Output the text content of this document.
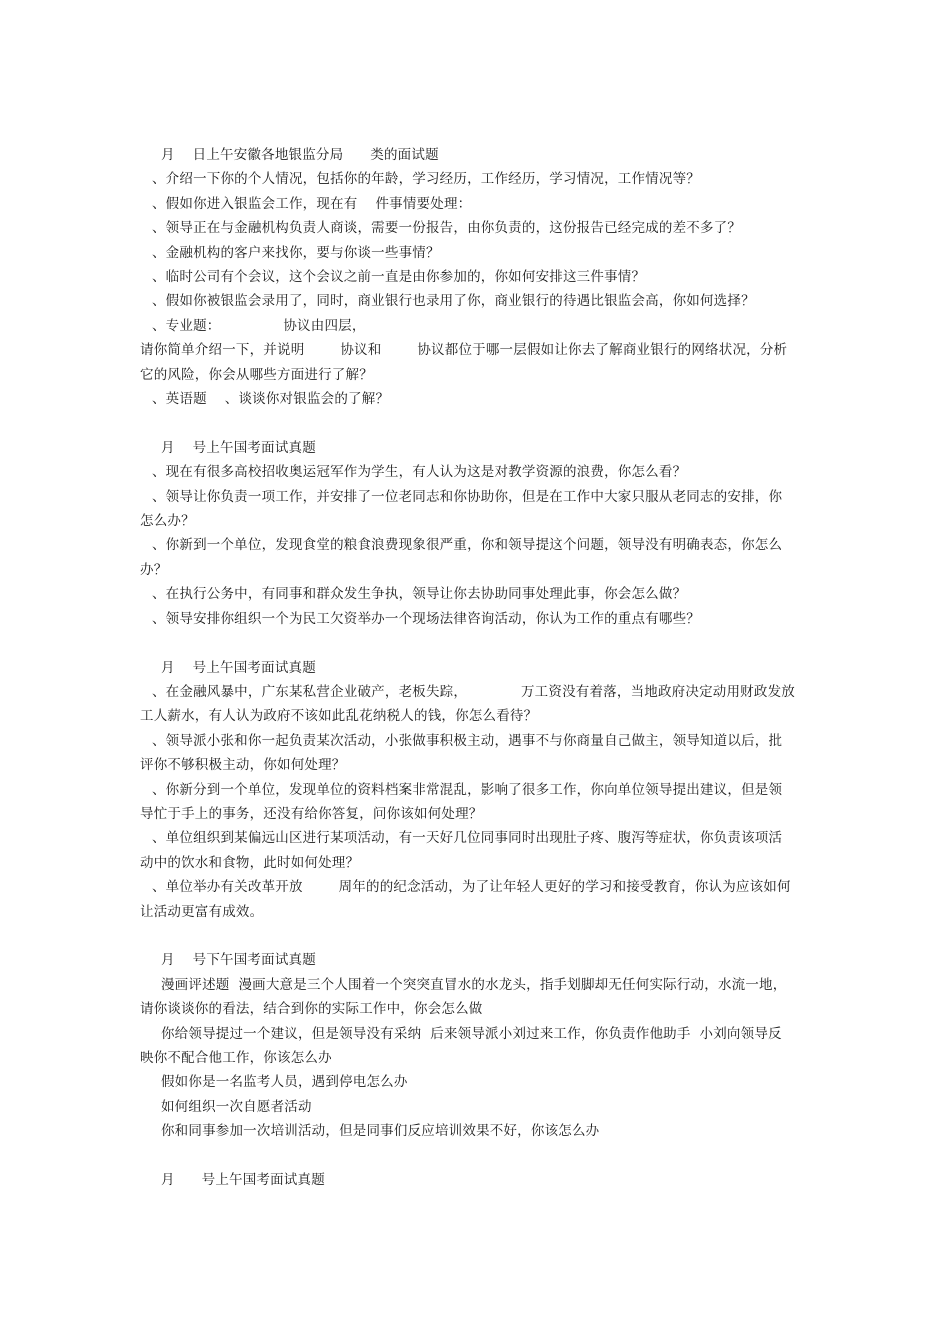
月    日上午安徽各地银监分局      类的面试题

、介绍一下你的个人情况，包括你的年龄，学习经历，工作经历，学习情况，工作情况等？

、假如你进入银监会工作，现在有    件事情要处理：

、领导正在与金融机构负责人商谈，需要一份报告，由你负责的，这份报告已经完成的差不多了？

、金融机构的客户来找你，要与你谈一些事情？

、临时公司有个会议，这个会议之前一直是由你参加的，你如何安排这三件事情？

、假如你被银监会录用了，同时，商业银行也录用了你，商业银行的待遇比银监会高，你如何选择？

、专业题：              协议由四层，

请你简单介绍一下，并说明        协议和        协议都位于哪一层假如让你去了解商业银行的网络状况，分析

它的风险，你会从哪些方面进行了解？

、英语题    、谈谈你对银监会的了解？

月    号上午国考面试真题

、现在有很多高校招收奥运冠军作为学生，有人认为这是对教学资源的浪费，你怎么看？

、领导让你负责一项工作，并安排了一位老同志和你协助你，但是在工作中大家只服从老同志的安排，你

怎么办？

、你新到一个单位，发现食堂的粮食浪费现象很严重，你和领导提这个问题，领导没有明确表态，你怎么

办？

、在执行公务中，有同事和群众发生争执，领导让你去协助同事处理此事，你会怎么做？

、领导安排你组织一个为民工欠资举办一个现场法律咨询活动，你认为工作的重点有哪些？

月    号上午国考面试真题

、在金融风暴中，广东某私营企业破产，老板失踪，            万工资没有着落，当地政府决定动用财政发放

工人薪水，有人认为政府不该如此乱花纳税人的钱，你怎么看待？

、领导派小张和你一起负责某次活动，小张做事积极主动，遇事不与你商量自己做主，领导知道以后，批

评你不够积极主动，你如何处理？

、你新分到一个单位，发现单位的资料档案非常混乱，影响了很多工作，你向单位领导提出建议，但是领

导忙于手上的事务，还没有给你答复，问你该如何处理？

、单位组织到某偏远山区进行某项活动，有一天好几位同事同时出现肚子疼、腹泻等症状，你负责该项活

动中的饮水和食物，此时如何处理？

、单位举办有关改革开放        周年的的纪念活动，为了让年轻人更好的学习和接受教育，你认为应该如何

让活动更富有成效。

月    号下午国考面试真题

漫画评述题  漫画大意是三个人围着一个突突直冒水的水龙头，指手划脚却无任何实际行动，水流一地，

请你谈谈你的看法，结合到你的实际工作中，你会怎么做

你给领导提过一个建议，但是领导没有采纳  后来领导派小刘过来工作，你负责作他助手  小刘向领导反

映你不配合他工作，你该怎么办

假如你是一名监考人员，遇到停电怎么办

如何组织一次自愿者活动

你和同事参加一次培训活动，但是同事们反应培训效果不好，你该怎么办

月      号上午国考面试真题
